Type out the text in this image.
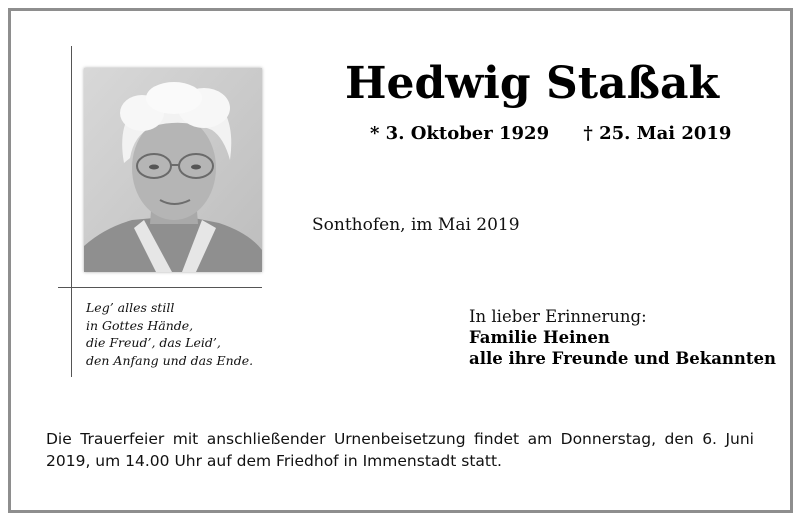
Hedwig Staßak
* 3. Oktober 1929 † 25. Mai 2019
Sonthofen, im Mai 2019
Leg’ alles still
in Gottes Hände,
die Freud’, das Leid’,
den Anfang und das Ende.
In lieber Erinnerung:
Familie Heinen
alle ihre Freunde und Bekannten
Die Trauerfeier mit anschließender Urnenbeisetzung findet am Donnerstag, den 6. Juni 2019, um 14.00 Uhr auf dem Friedhof in Immenstadt statt.
